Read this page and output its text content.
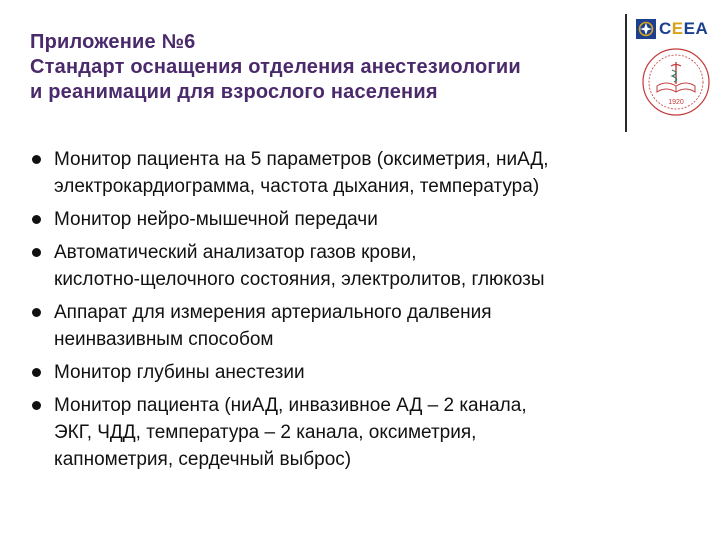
Приложение №6
Стандарт оснащения отделения анестезиологии
и реанимации для взрослого населения
СЕЕА
1920
Монитор пациента на 5 параметров (оксиметрия, ниАД,
электрокардиограмма, частота дыхания, температура)
Монитор нейро-мышечной передачи
Автоматический анализатор газов крови,
кислотно-щелочного состояния, электролитов, глюкозы
Аппарат для измерения артериального далвения
неинвазивным способом
Монитор глубины анестезии
Монитор пациента (ниАД, инвазивное АД – 2 канала,
ЭКГ, ЧДД, температура – 2 канала, оксиметрия,
капнометрия, сердечный выброс)
